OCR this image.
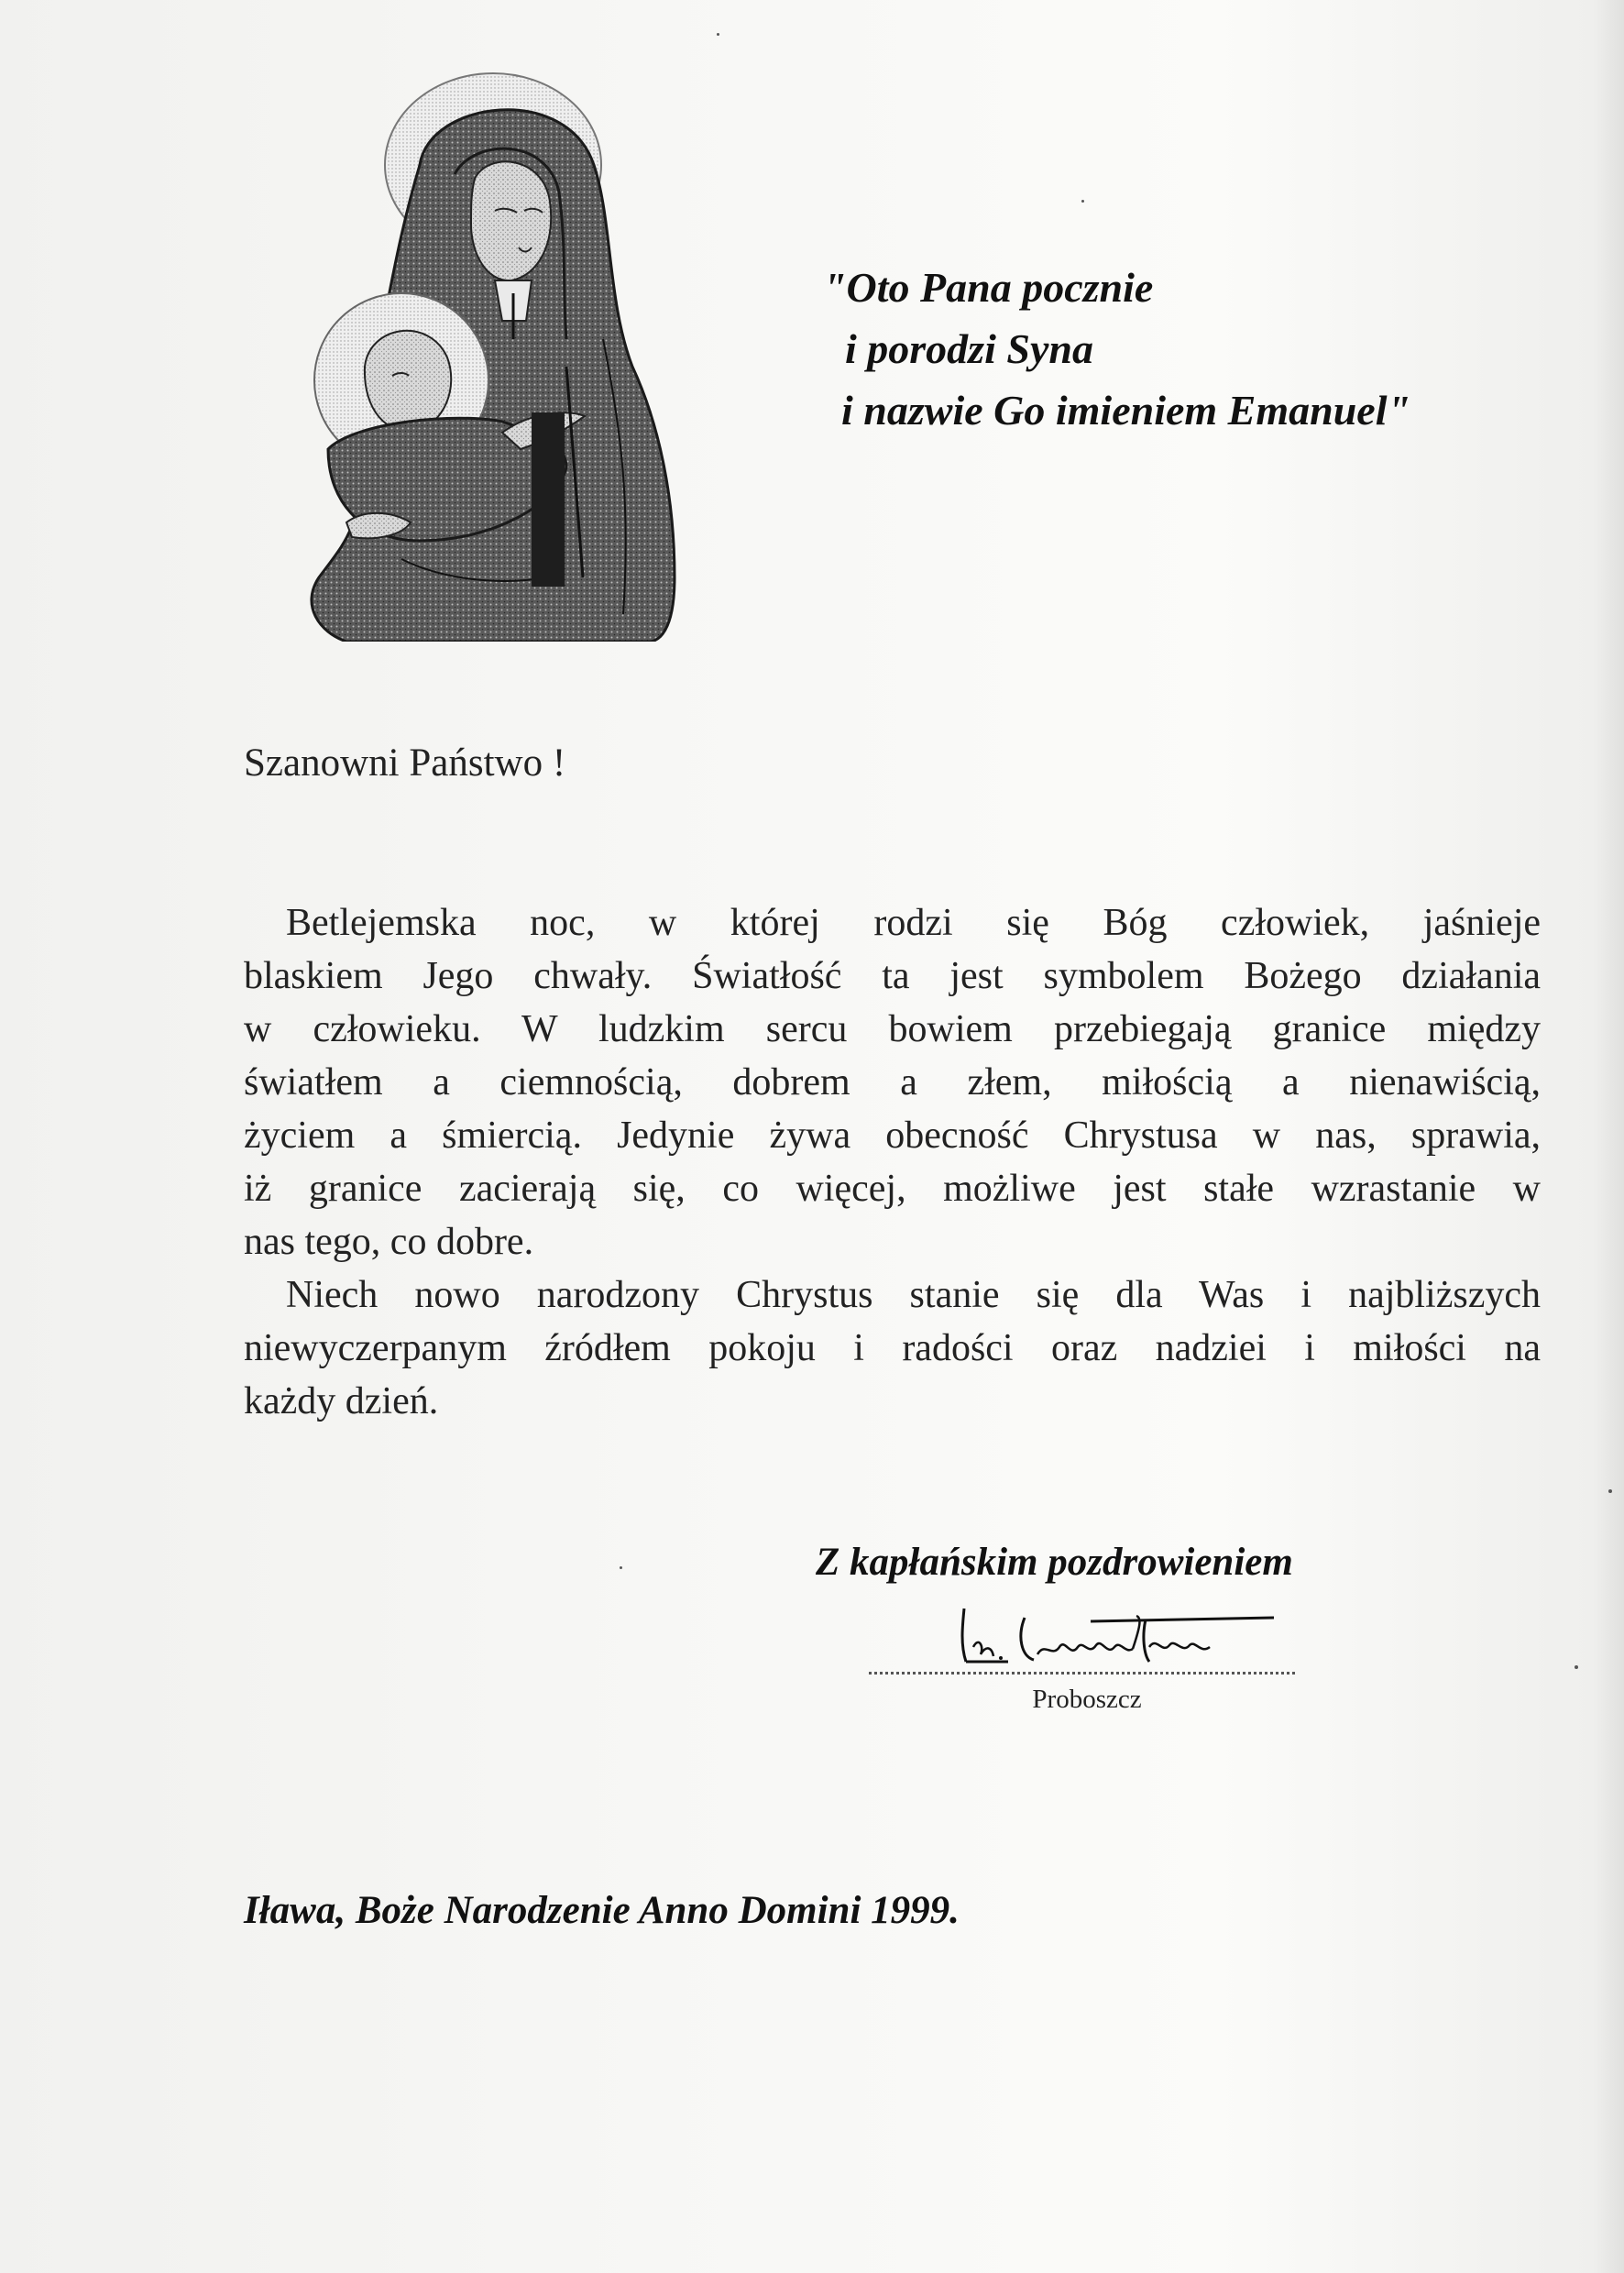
"Oto Pana pocznie
i porodzi Syna
i nazwie Go imieniem Emanuel"
Szanowni Państwo !
Betlejemska noc, w której rodzi się Bóg człowiek, jaśnieje
blaskiem Jego chwały. Światłość ta jest symbolem Bożego działania
w człowieku. W ludzkim sercu bowiem przebiegają granice między
światłem a ciemnością, dobrem a złem, miłością a nienawiścią,
życiem a śmiercią. Jedynie żywa obecność Chrystusa w nas, sprawia,
iż granice zacierają się, co więcej, możliwe jest stałe wzrastanie w
nas tego, co dobre.
Niech nowo narodzony Chrystus stanie się dla Was i najbliższych
niewyczerpanym źródłem pokoju i radości oraz nadziei i miłości na
każdy dzień.
Z kapłańskim pozdrowieniem
Proboszcz
Iława, Boże Narodzenie Anno Domini 1999.
